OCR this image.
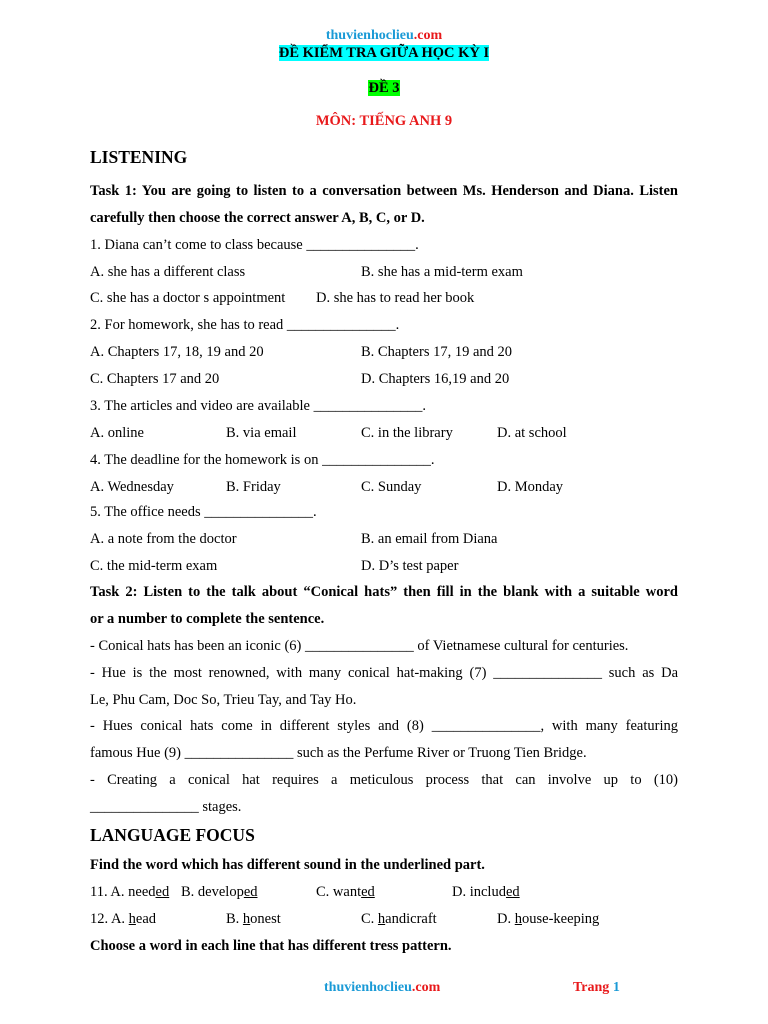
thuvienhoclieu.com
ĐỀ KIỂM TRA GIỮA HỌC KỲ I
ĐỀ 3
MÔN: TIẾNG ANH 9
LISTENING
Task 1: You are going to listen to a conversation between Ms. Henderson and Diana. Listen
carefully then choose the correct answer A, B, C, or D.
1. Diana can’t come to class because _______________.
A. she has a different class	B. she has a mid-term exam
C. she has a doctor s appointment D. she has to read her book
2. For homework, she has to read _______________.
A. Chapters 17, 18, 19 and 20	B. Chapters 17, 19 and 20
C. Chapters 17 and 20	D. Chapters 16,19 and 20
3. The articles and video are available _______________.
A. online	B. via email	C. in the library	D. at school
4. The deadline for the homework is on _______________.
A. Wednesday	B. Friday	C. Sunday	D. Monday
5. The office needs _______________.
A. a note from the doctor	B. an email from Diana
C. the mid-term exam	D. D’s test paper
Task 2: Listen to the talk about “Conical hats” then fill in the blank with a suitable word
or a number to complete the sentence.
- Conical hats has been an iconic (6) _______________ of Vietnamese cultural for centuries.
- Hue is the most renowned, with many conical hat-making (7) _______________ such as Da
Le, Phu Cam, Doc So, Trieu Tay, and Tay Ho.
- Hues conical hats come in different styles and (8) _______________, with many featuring
famous Hue (9) _______________ such as the Perfume River or Truong Tien Bridge.
- Creating a conical hat requires a meticulous process that can involve up to (10)
_______________ stages.
LANGUAGE FOCUS
Find the word which has different sound in the underlined part.
11. A. needed B. developed	C. wanted	D. included
12. A. head	B. honest	C. handicraft	D. house-keeping
Choose a word in each line that has different tress pattern.
thuvienhoclieu.com	Trang 1
